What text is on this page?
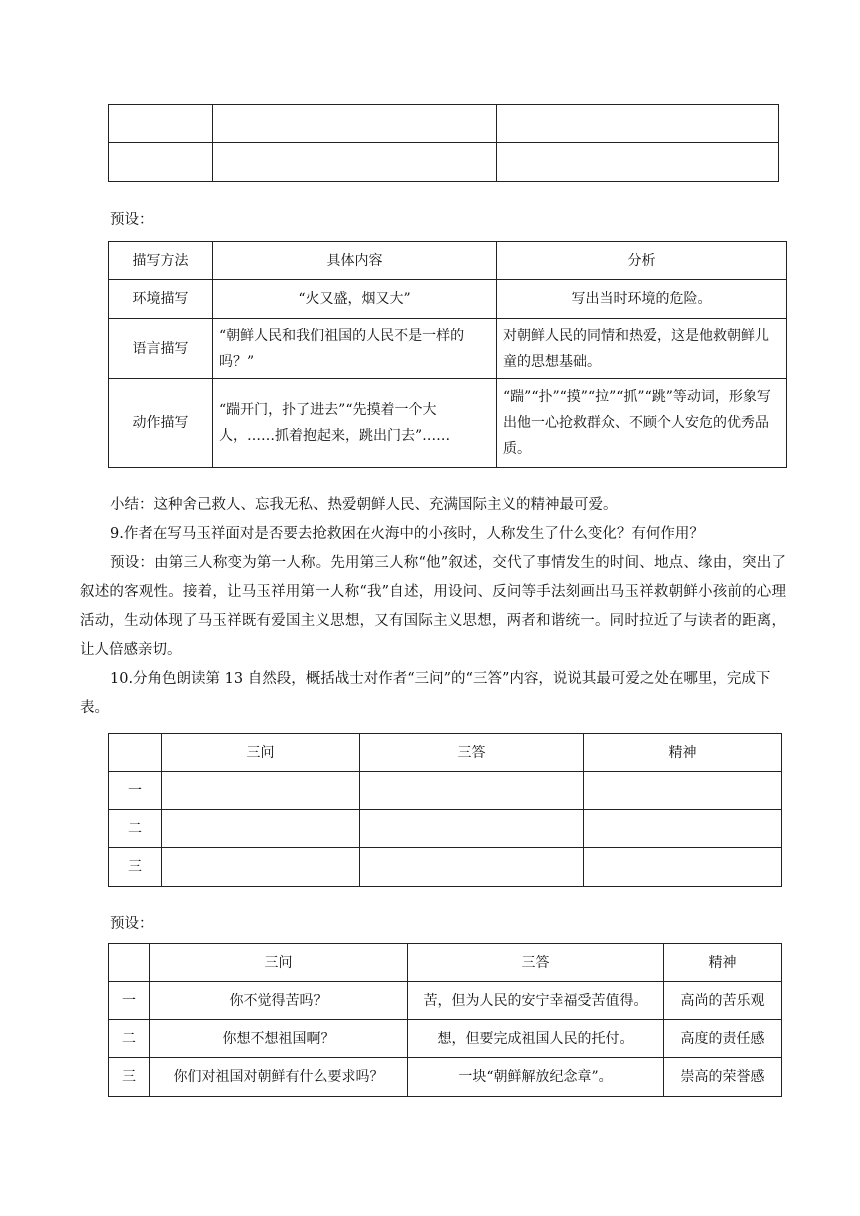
预设：

描写方法	具体内容	分析
环境描写	“火又盛，烟又大”	写出当时环境的危险。
语言描写	“朝鲜人民和我们祖国的人民不是一样的吗？”	对朝鲜人民的同情和热爱，这是他救朝鲜儿童的思想基础。
动作描写	“踹开门，扑了进去”“先摸着一个大人，……抓着抱起来，跳出门去”……	“踹”“扑”“摸”“拉”“抓”“跳”等动词，形象写出他一心抢救群众、不顾个人安危的优秀品质。

小结：这种舍己救人、忘我无私、热爱朝鲜人民、充满国际主义的精神最可爱。

9.作者在写马玉祥面对是否要去抢救困在火海中的小孩时，人称发生了什么变化？有何作用？

预设：由第三人称变为第一人称。先用第三人称“他”叙述，交代了事情发生的时间、地点、缘由，突出了叙述的客观性。接着，让马玉祥用第一人称“我”自述，用设问、反问等手法刻画出马玉祥救朝鲜小孩前的心理活动，生动体现了马玉祥既有爱国主义思想，又有国际主义思想，两者和谐统一。同时拉近了与读者的距离，让人倍感亲切。

10.分角色朗读第 13 自然段，概括战士对作者“三问”的“三答”内容，说说其最可爱之处在哪里，完成下表。

	三问	三答	精神
一			
二			
三			

预设：

	三问	三答	精神
一	你不觉得苦吗？	苦，但为人民的安宁幸福受苦值得。	高尚的苦乐观
二	你想不想祖国啊？	想，但要完成祖国人民的托付。	高度的责任感
三	你们对祖国对朝鲜有什么要求吗？	一块“朝鲜解放纪念章”。	崇高的荣誉感
